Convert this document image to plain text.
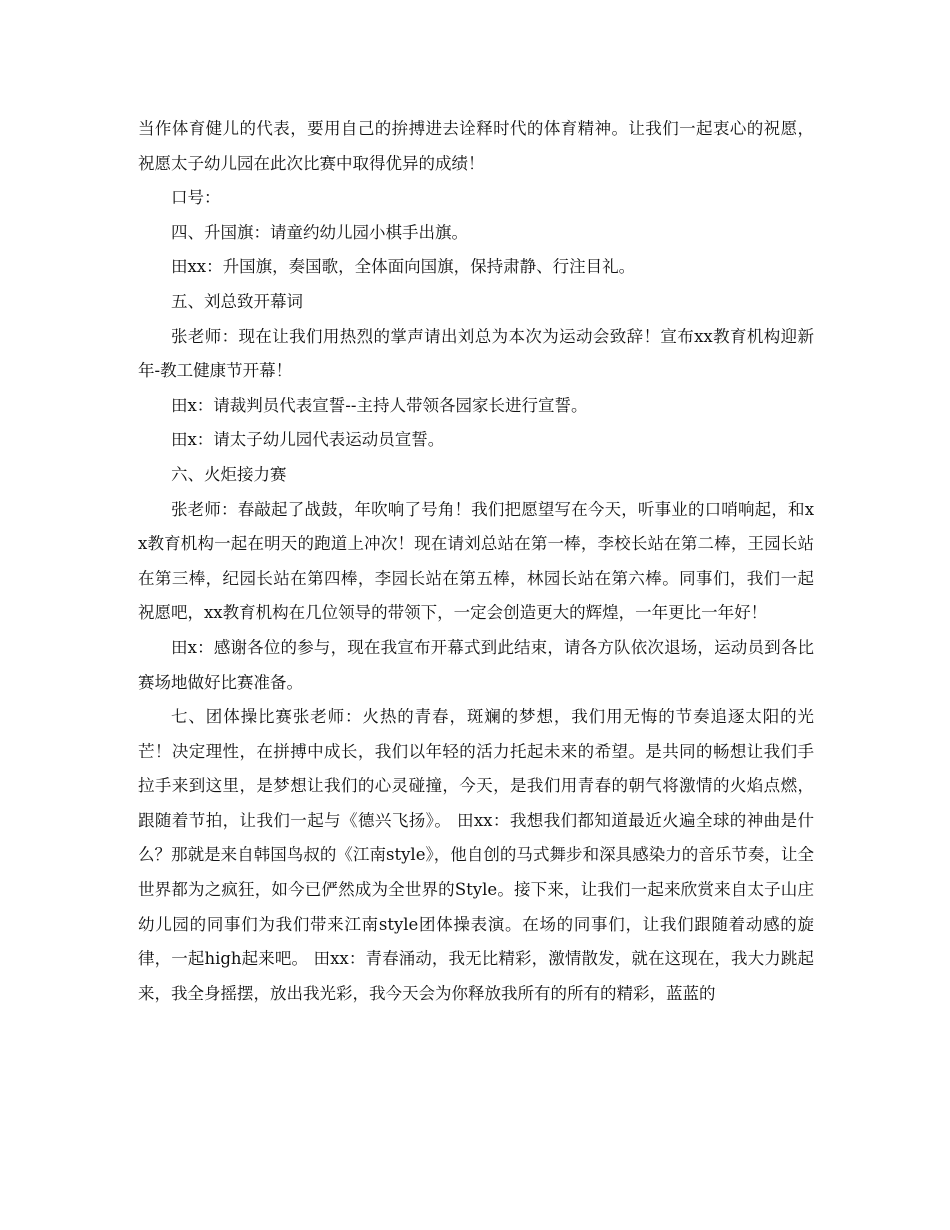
当作体育健儿的代表，要用自己的拚搏进去诠释时代的体育精神。让我们一起衷心的祝愿，祝愿太子幼儿园在此次比赛中取得优异的成绩！

口号：

四、升国旗：请童约幼儿园小棋手出旗。

田xx：升国旗，奏国歌，全体面向国旗，保持肃静、行注目礼。

五、刘总致开幕词

张老师：现在让我们用热烈的掌声请出刘总为本次为运动会致辞！宣布xx教育机构迎新年-教工健康节开幕！

田x：请裁判员代表宣誓--主持人带领各园家长进行宣誓。

田x：请太子幼儿园代表运动员宣誓。

六、火炬接力赛

张老师：春敲起了战鼓，年吹响了号角！我们把愿望写在今天，听事业的口哨响起，和xx教育机构一起在明天的跑道上冲次！现在请刘总站在第一棒，李校长站在第二棒，王园长站在第三棒，纪园长站在第四棒，李园长站在第五棒，林园长站在第六棒。同事们，我们一起祝愿吧，xx教育机构在几位领导的带领下，一定会创造更大的辉煌，一年更比一年好！

田x：感谢各位的参与，现在我宣布开幕式到此结束，请各方队依次退场，运动员到各比赛场地做好比赛准备。

七、团体操比赛张老师：火热的青春，斑斓的梦想，我们用无悔的节奏追逐太阳的光芒！决定理性，在拼搏中成长，我们以年轻的活力托起未来的希望。是共同的畅想让我们手拉手来到这里，是梦想让我们的心灵碰撞，今天，是我们用青春的朝气将激情的火焰点燃，跟随着节拍，让我们一起与《德兴飞扬》。 田xx：我想我们都知道最近火遍全球的神曲是什么？那就是来自韩国鸟叔的《江南style》，他自创的马式舞步和深具感染力的音乐节奏，让全世界都为之疯狂，如今已俨然成为全世界的Style。接下来，让我们一起来欣赏来自太子山庄幼儿园的同事们为我们带来江南style团体操表演。在场的同事们，让我们跟随着动感的旋律，一起high起来吧。 田xx：青春涌动，我无比精彩，激情散发，就在这现在，我大力跳起来，我全身摇摆，放出我光彩，我今天会为你释放我所有的所有的精彩，蓝蓝的
